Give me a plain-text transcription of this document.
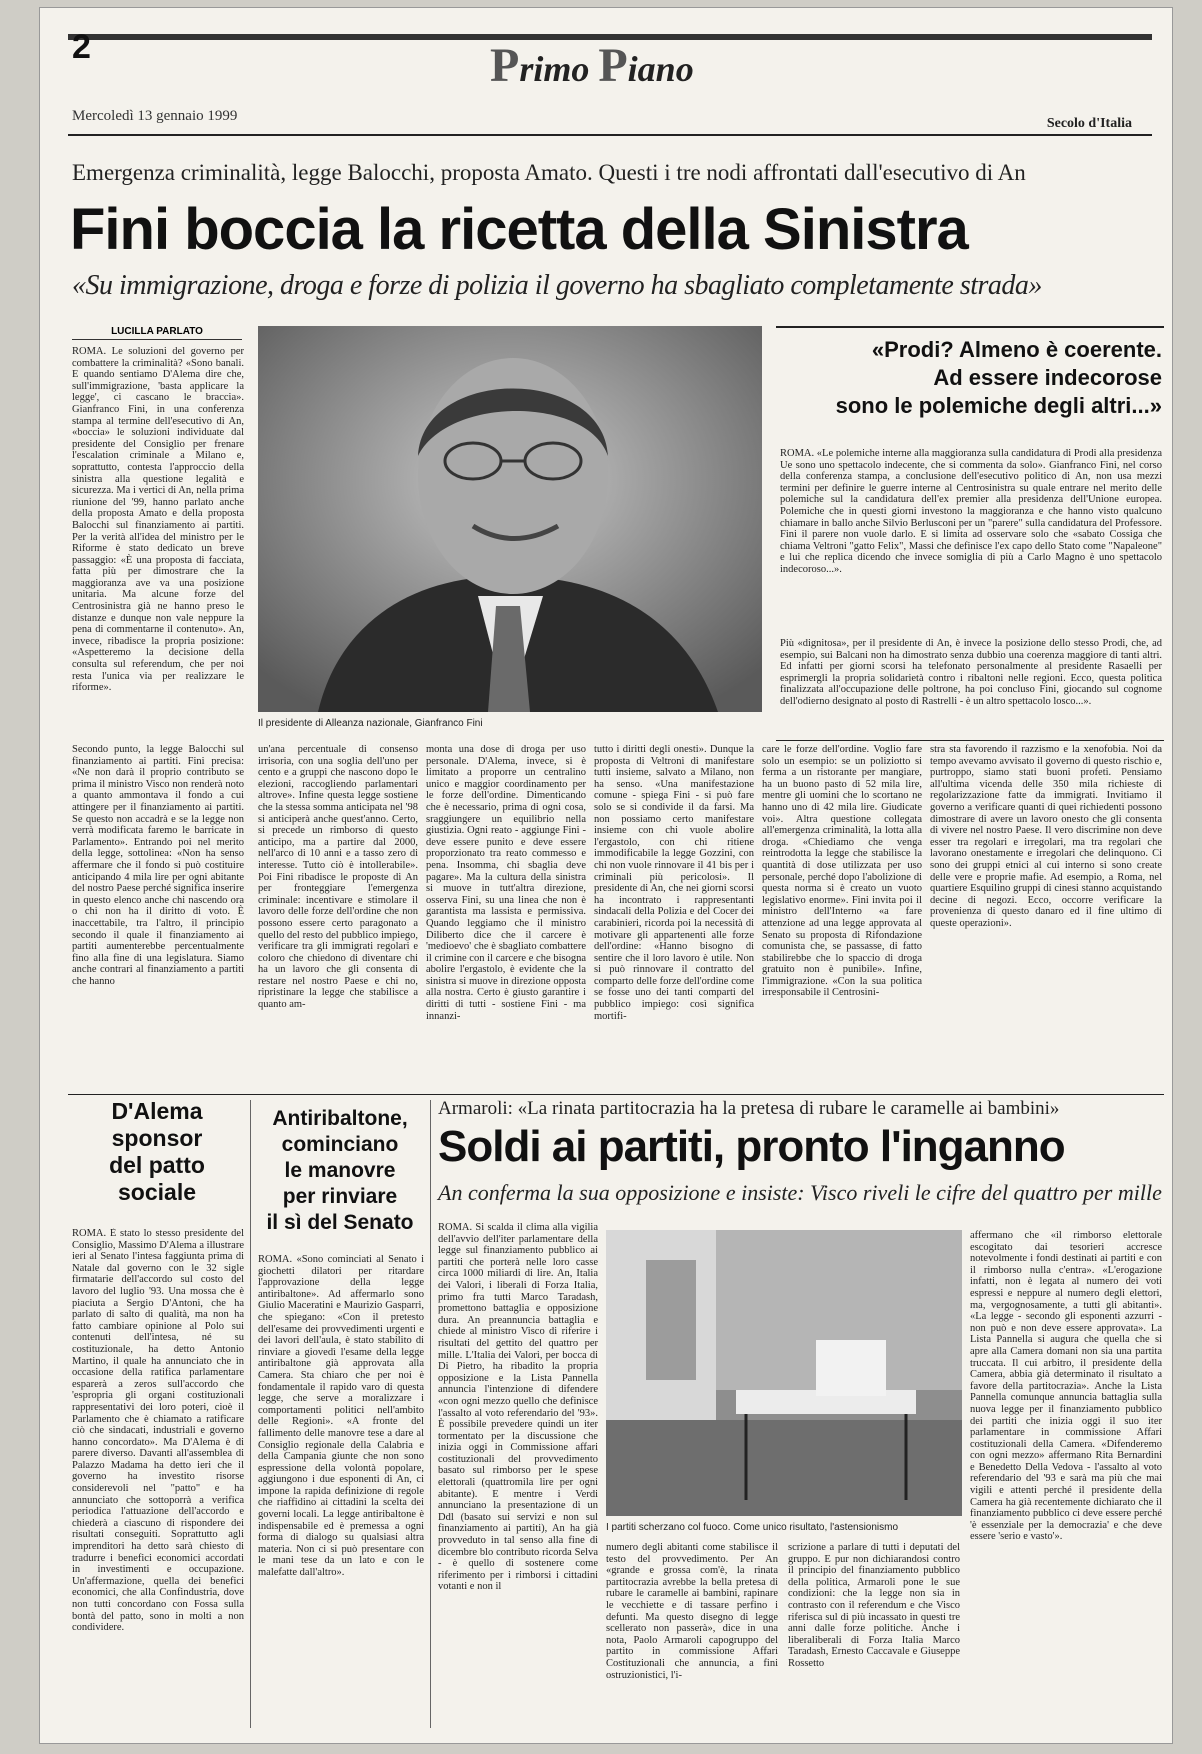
2	Primo Piano
Mercoledì 13 gennaio 1999	Secolo d'Italia
Emergenza criminalità, legge Balocchi, proposta Amato. Questi i tre nodi affrontati dall'esecutivo di An
Fini boccia la ricetta della Sinistra
«Su immigrazione, droga e forze di polizia il governo ha sbagliato completamente strada»
LUCILLA PARLATO
ROMA. Le soluzioni del governo per combattere la criminalità? «Sono banali. E quando sentiamo D'Alema dire che, sull'immigrazione, 'basta applicare la legge', ci cascano le braccia». Gianfranco Fini, in una conferenza stampa al termine dell'esecutivo di An, «boccia» le soluzioni individuate dal presidente del Consiglio per frenare l'escalation criminale a Milano e, soprattutto, contesta l'approccio della sinistra alla questione legalità e sicurezza. Ma i vertici di An, nella prima riunione del '99, hanno parlato anche della proposta Amato e della proposta Balocchi sul finanziamento ai partiti. Per la verità all'idea del ministro per le Riforme è stato dedicato un breve passaggio: «È una proposta di facciata, fatta più per dimostrare che la maggioranza ave va una posizione unitaria. Ma alcune forze del Centrosinistra già ne hanno preso le distanze e dunque non vale neppure la pena di commentarne il contenuto». An, invece, ribadisce la propria posizione: «Aspetteremo la decisione della consulta sul referendum, che per noi resta l'unica via per realizzare le riforme».
Secondo punto, la legge Balocchi sul finanziamento ai partiti. Fini precisa: «Ne non darà il proprio contributo se prima il ministro Visco non renderà noto a quanto ammontava il fondo a cui attingere per il finanziamento ai partiti. Se questo non accadrà e se la legge non verrà modificata faremo le barricate in Parlamento». Entrando poi nel merito della legge, sottolinea: «Non ha senso affermare che il fondo si può costituire anticipando 4 mila lire per ogni abitante del nostro Paese perché significa inserire in questo elenco anche chi nascendo ora o chi non ha il diritto di voto. È inaccettabile, tra l'altro, il principio secondo il quale il finanziamento ai partiti aumenterebbe percentualmente fino alla fine di una legislatura. Siamo anche contrari al finanziamento a partiti che hanno
Il presidente di Alleanza nazionale, Gianfranco Fini
«Prodi? Almeno è coerente.
Ad essere indecorose
sono le polemiche degli altri...»
ROMA. «Le polemiche interne alla maggioranza sulla candidatura di Prodi alla presidenza Ue sono uno spettacolo indecente, che si commenta da solo». Gianfranco Fini, nel corso della conferenza stampa, a conclusione dell'esecutivo politico di An, non usa mezzi termini per definire le guerre interne al Centrosinistra su quale entrare nel merito delle polemiche sul la candidatura dell'ex premier alla presidenza dell'Unione europea. Polemiche che in questi giorni investono la maggioranza e che hanno visto qualcuno chiamare in ballo anche Silvio Berlusconi per un "parere" sulla candidatura del Professore. Fini il parere non vuole darlo. E si limita ad osservare solo che «sabato Cossiga che chiama Veltroni "gatto Felix", Massi che definisce l'ex capo dello Stato come "Napaleone" e lui che replica dicendo che invece somiglia di più a Carlo Magno è uno spettacolo indecoroso...».
Più «dignitosa», per il presidente di An, è invece la posizione dello stesso Prodi, che, ad esempio, sui Balcani non ha dimostrato senza dubbio una coerenza maggiore di tanti altri. Ed infatti per giorni scorsi ha telefonato personalmente al presidente Rasaelli per esprimergli la propria solidarietà contro i ribaltoni nelle regioni. Ecco, questa politica finalizzata all'occupazione delle poltrone, ha poi concluso Fini, giocando sul cognome dell'odierno designato al posto di Rastrelli - è un altro spettacolo losco...».
un'ana percentuale di consenso irrisoria, con una soglia dell'uno per cento e a gruppi che nascono dopo le elezioni, raccogliendo parlamentari altrove». Infine questa legge sostiene che la stessa somma anticipata nel '98 si anticiperà anche quest'anno. Certo, si precede un rimborso di questo anticipo, ma a partire dal 2000, nell'arco di 10 anni e a tasso zero di interesse. Tutto ciò è intollerabile». Poi Fini ribadisce le proposte di An per fronteggiare l'emergenza criminale: incentivare e stimolare il lavoro delle forze dell'ordine che non possono essere certo paragonato a quello del resto del pubblico impiego, verificare tra gli immigrati regolari e coloro che chiedono di diventare chi ha un lavoro che gli consenta di restare nel nostro Paese e chi no, ripristinare la legge che stabilisce a quanto am-
monta una dose di droga per uso personale. D'Alema, invece, si è limitato a proporre un centralino unico e maggior coordinamento per le forze dell'ordine. Dimenticando che è necessario, prima di ogni cosa, sraggiungere un equilibrio nella giustizia. Ogni reato - aggiunge Fini - deve essere punito e deve essere proporzionato tra reato commesso e pena. Insomma, chi sbaglia deve pagare». Ma la cultura della sinistra si muove in tutt'altra direzione, osserva Fini, su una linea che non è garantista ma lassista e permissiva. Quando leggiamo che il ministro Diliberto dice che il carcere è 'medioevo' che è sbagliato combattere il crimine con il carcere e che bisogna abolire l'ergastolo, è evidente che la sinistra si muove in direzione opposta alla nostra. Certo è giusto garantire i diritti di tutti - sostiene Fini - ma innanzi-
tutto i diritti degli onesti». Dunque la proposta di Veltroni di manifestare tutti insieme, salvato a Milano, non ha senso. «Una manifestazione comune - spiega Fini - si può fare solo se si condivide il da farsi. Ma non possiamo certo manifestare insieme con chi vuole abolire l'ergastolo, con chi ritiene immodificabile la legge Gozzini, con chi non vuole rinnovare il 41 bis per i criminali più pericolosi». Il presidente di An, che nei giorni scorsi ha incontrato i rappresentanti sindacali della Polizia e del Cocer dei carabinieri, ricorda poi la necessità di motivare gli appartenenti alle forze dell'ordine: «Hanno bisogno di sentire che il loro lavoro è utile. Non si può rinnovare il contratto del comparto delle forze dell'ordine come se fosse uno dei tanti comparti del pubblico impiego: così significa mortifi-
care le forze dell'ordine. Voglio fare solo un esempio: se un poliziotto si ferma a un ristorante per mangiare, ha un buono pasto di 52 mila lire, mentre gli uomini che lo scortano ne hanno uno di 42 mila lire. Giudicate voi». Altra questione collegata all'emergenza criminalità, la lotta alla droga. «Chiediamo che venga reintrodotta la legge che stabilisce la quantità di dose utilizzata per uso personale, perché dopo l'abolizione di questa norma si è creato un vuoto legislativo enorme». Fini invita poi il ministro dell'Interno «a fare attenzione ad una legge approvata al Senato su proposta di Rifondazione comunista che, se passasse, di fatto stabilirebbe che lo spaccio di droga gratuito non è punibile». Infine, l'immigrazione. «Con la sua politica irresponsabile il Centrosini-
stra sta favorendo il razzismo e la xenofobia. Noi da tempo avevamo avvisato il governo di questo rischio e, purtroppo, siamo stati buoni profeti. Pensiamo all'ultima vicenda delle 350 mila richieste di regolarizzazione fatte da immigrati. Invitiamo il governo a verificare quanti di quei richiedenti possono dimostrare di avere un lavoro onesto che gli consenta di vivere nel nostro Paese. Il vero discrimine non deve esser tra regolari e irregolari, ma tra regolari che lavorano onestamente e irregolari che delinquono. Ci sono dei gruppi etnici al cui interno si sono create delle vere e proprie mafie. Ad esempio, a Roma, nel quartiere Esquilino gruppi di cinesi stanno acquistando decine di negozi. Ecco, occorre verificare la provenienza di questo danaro ed il fine ultimo di queste operazioni».
D'Alema
sponsor
del patto
sociale
ROMA. È stato lo stesso presidente del Consiglio, Massimo D'Alema a illustrare ieri al Senato l'intesa faggiunta prima di Natale dal governo con le 32 sigle firmatarie dell'accordo sul costo del lavoro del luglio '93. Una mossa che è piaciuta a Sergio D'Antoni, che ha parlato di salto di qualità, ma non ha fatto cambiare opinione al Polo sui contenuti dell'intesa, né su costituzionale, ha detto Antonio Martino, il quale ha annunciato che in occasione della ratifica parlamentare esparerà a zeros sull'accordo che 'espropria gli organi costituzionali rappresentativi dei loro poteri, cioè il Parlamento che è chiamato a ratificare ciò che sindacati, industriali e governo hanno concordato». Ma D'Alema è di parere diverso. Davanti all'assemblea di Palazzo Madama ha detto ieri che il governo ha investito risorse considerevoli nel "patto" e ha annunciato che sottoporrà a verifica periodica l'attuazione dell'accordo e chiederà a ciascuno di rispondere dei risultati conseguiti. Soprattutto agli imprenditori ha detto sarà chiesto di tradurre i benefici economici accordati in investimenti e occupazione. Un'affermazione, quella dei benefici economici, che alla Confindustria, dove non tutti concordano con Fossa sulla bontà del patto, sono in molti a non condividere.
Antiribaltone,
cominciano
le manovre
per rinviare
il sì del Senato
ROMA. «Sono cominciati al Senato i giochetti dilatori per ritardare l'approvazione della legge antiribaltone». Ad affermarlo sono Giulio Maceratini e Maurizio Gasparri, che spiegano: «Con il pretesto dell'esame dei provvedimenti urgenti e dei lavori dell'aula, è stato stabilito di rinviare a giovedì l'esame della legge antiribaltone già approvata alla Camera. Sta chiaro che per noi è fondamentale il rapido varo di questa legge, che serve a moralizzare i comportamenti politici nell'ambito delle Regioni». «A fronte del fallimento delle manovre tese a dare al Consiglio regionale della Calabria e della Campania giunte che non sono espressione della volontà popolare, aggiungono i due esponenti di An, ci impone la rapida definizione di regole che riaffidino ai cittadini la scelta dei governi locali. La legge antiribaltone è indispensabile ed è premessa a ogni forma di dialogo su qualsiasi altra materia. Non ci si può presentare con le mani tese da un lato e con le malefatte dall'altro».
Armaroli: «La rinata partitocrazia ha la pretesa di rubare le caramelle ai bambini»
Soldi ai partiti, pronto l'inganno
An conferma la sua opposizione e insiste: Visco riveli le cifre del quattro per mille
ROMA. Si scalda il clima alla vigilia dell'avvio dell'iter parlamentare della legge sul finanziamento pubblico ai partiti che porterà nelle loro casse circa 1000 miliardi di lire. An, Italia dei Valori, i liberali di Forza Italia, primo fra tutti Marco Taradash, promettono battaglia e opposizione dura. An preannuncia battaglia e chiede al ministro Visco di riferire i risultati del gettito del quattro per mille. L'Italia dei Valori, per bocca di Di Pietro, ha ribadito la propria opposizione e la Lista Pannella annuncia l'intenzione di difendere «con ogni mezzo quello che definisce l'assalto al voto referendario del '93». È possibile prevedere quindi un iter tormentato per la discussione che inizia oggi in Commissione affari costituzionali del provvedimento basato sul rimborso per le spese elettorali (quattromila lire per ogni abitante). E mentre i Verdi annunciano la presentazione di un Ddl (basato sui servizi e non sul finanziamento ai partiti), An ha già provveduto in tal senso alla fine di dicembre blo contributo ricorda Selva - è quello di sostenere come riferimento per i rimborsi i cittadini votanti e non il
I partiti scherzano col fuoco. Come unico risultato, l'astensionismo
numero degli abitanti come stabilisce il testo del provvedimento. Per An «grande e grossa com'è, la rinata partitocrazia avrebbe la bella pretesa di rubare le caramelle ai bambini, rapinare le vecchiette e di tassare perfino i defunti. Ma questo disegno di legge scellerato non passerà», dice in una nota, Paolo Armaroli capogruppo del partito in commissione Affari Costituzionali che annuncia, a fini ostruzionistici, l'i-
scrizione a parlare di tutti i deputati del gruppo. E pur non dichiarandosi contro il principio del finanziamento pubblico della politica, Armaroli pone le sue condizioni: che la legge non sia in contrasto con il referendum e che Visco riferisca sul di più incassato in questi tre anni dalle forze politiche. Anche i liberaliberali di Forza Italia Marco Taradash, Ernesto Caccavale e Giuseppe Rossetto
affermano che «il rimborso elettorale escogitato dai tesorieri accresce notevolmente i fondi destinati ai partiti e con il rimborso nulla c'entra». «L'erogazione infatti, non è legata al numero dei voti espressi e neppure al numero degli elettori, ma, vergognosamente, a tutti gli abitanti». «La legge - secondo gli esponenti azzurri - non può e non deve essere approvata». La Lista Pannella si augura che quella che si apre alla Camera domani non sia una partita truccata. Il cui arbitro, il presidente della Camera, abbia già determinato il risultato a favore della partitocrazia». Anche la Lista Pannella comunque annuncia battaglia sulla nuova legge per il finanziamento pubblico dei partiti che inizia oggi il suo iter parlamentare in commissione Affari costituzionali della Camera. «Difenderemo con ogni mezzo» affermano Rita Bernardini e Benedetto Della Vedova - l'assalto al voto referendario del '93 e sarà ma più che mai vigili e attenti perché il presidente della Camera ha già recentemente dichiarato che il finanziamento pubblico ci deve essere perché 'è essenziale per la democrazia' e che deve essere 'serio e vasto'».
